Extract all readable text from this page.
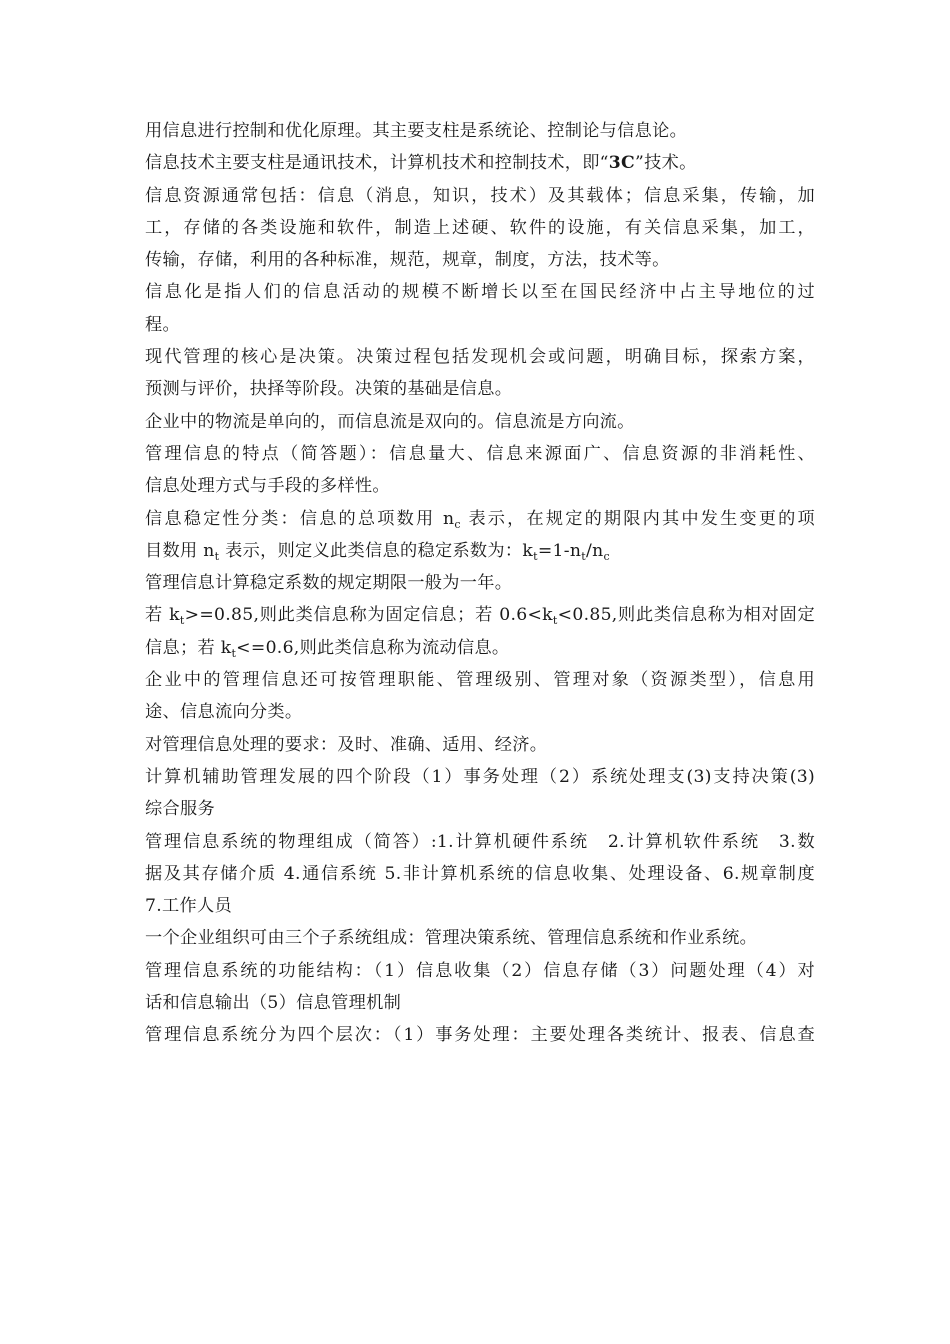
用信息进行控制和优化原理。其主要支柱是系统论、控制论与信息论。
信息技术主要支柱是通讯技术，计算机技术和控制技术，即“3C”技术。
信息资源通常包括：信息（消息，知识，技术）及其载体；信息采集，传输，加
工，存储的各类设施和软件，制造上述硬、软件的设施，有关信息采集，加工，
传输，存储，利用的各种标准，规范，规章，制度，方法，技术等。
信息化是指人们的信息活动的规模不断增长以至在国民经济中占主导地位的过
程。
现代管理的核心是决策。决策过程包括发现机会或问题，明确目标，探索方案，
预测与评价，抉择等阶段。决策的基础是信息。
企业中的物流是单向的，而信息流是双向的。信息流是方向流。
管理信息的特点（简答题）：信息量大、信息来源面广、信息资源的非消耗性、
信息处理方式与手段的多样性。
信息稳定性分类：信息的总项数用 $n_c$ 表示，在规定的期限内其中发生变更的项
目数用 $n_t$ 表示，则定义此类信息的稳定系数为：$k_t=1-n_t/n_c$
管理信息计算稳定系数的规定期限一般为一年。
若 $k_t>=0.85$,则此类信息称为固定信息；若 $0.6<k_t<0.85$,则此类信息称为相对固定
信息；若 $k_t<=0.6$,则此类信息称为流动信息。
企业中的管理信息还可按管理职能、管理级别、管理对象（资源类型），信息用
途、信息流向分类。
对管理信息处理的要求：及时、准确、适用、经济。
计算机辅助管理发展的四个阶段（1）事务处理（2）系统处理支(3)支持决策(3)
综合服务
管理信息系统的物理组成（简答）:1.计算机硬件系统　2.计算机软件系统　3.数
据及其存储介质 4.通信系统 5.非计算机系统的信息收集、处理设备、6.规章制度
7.工作人员
一个企业组织可由三个子系统组成：管理决策系统、管理信息系统和作业系统。
管理信息系统的功能结构：（1）信息收集（2）信息存储（3）问题处理（4）对
话和信息输出（5）信息管理机制
管理信息系统分为四个层次：（1）事务处理：主要处理各类统计、报表、信息查
